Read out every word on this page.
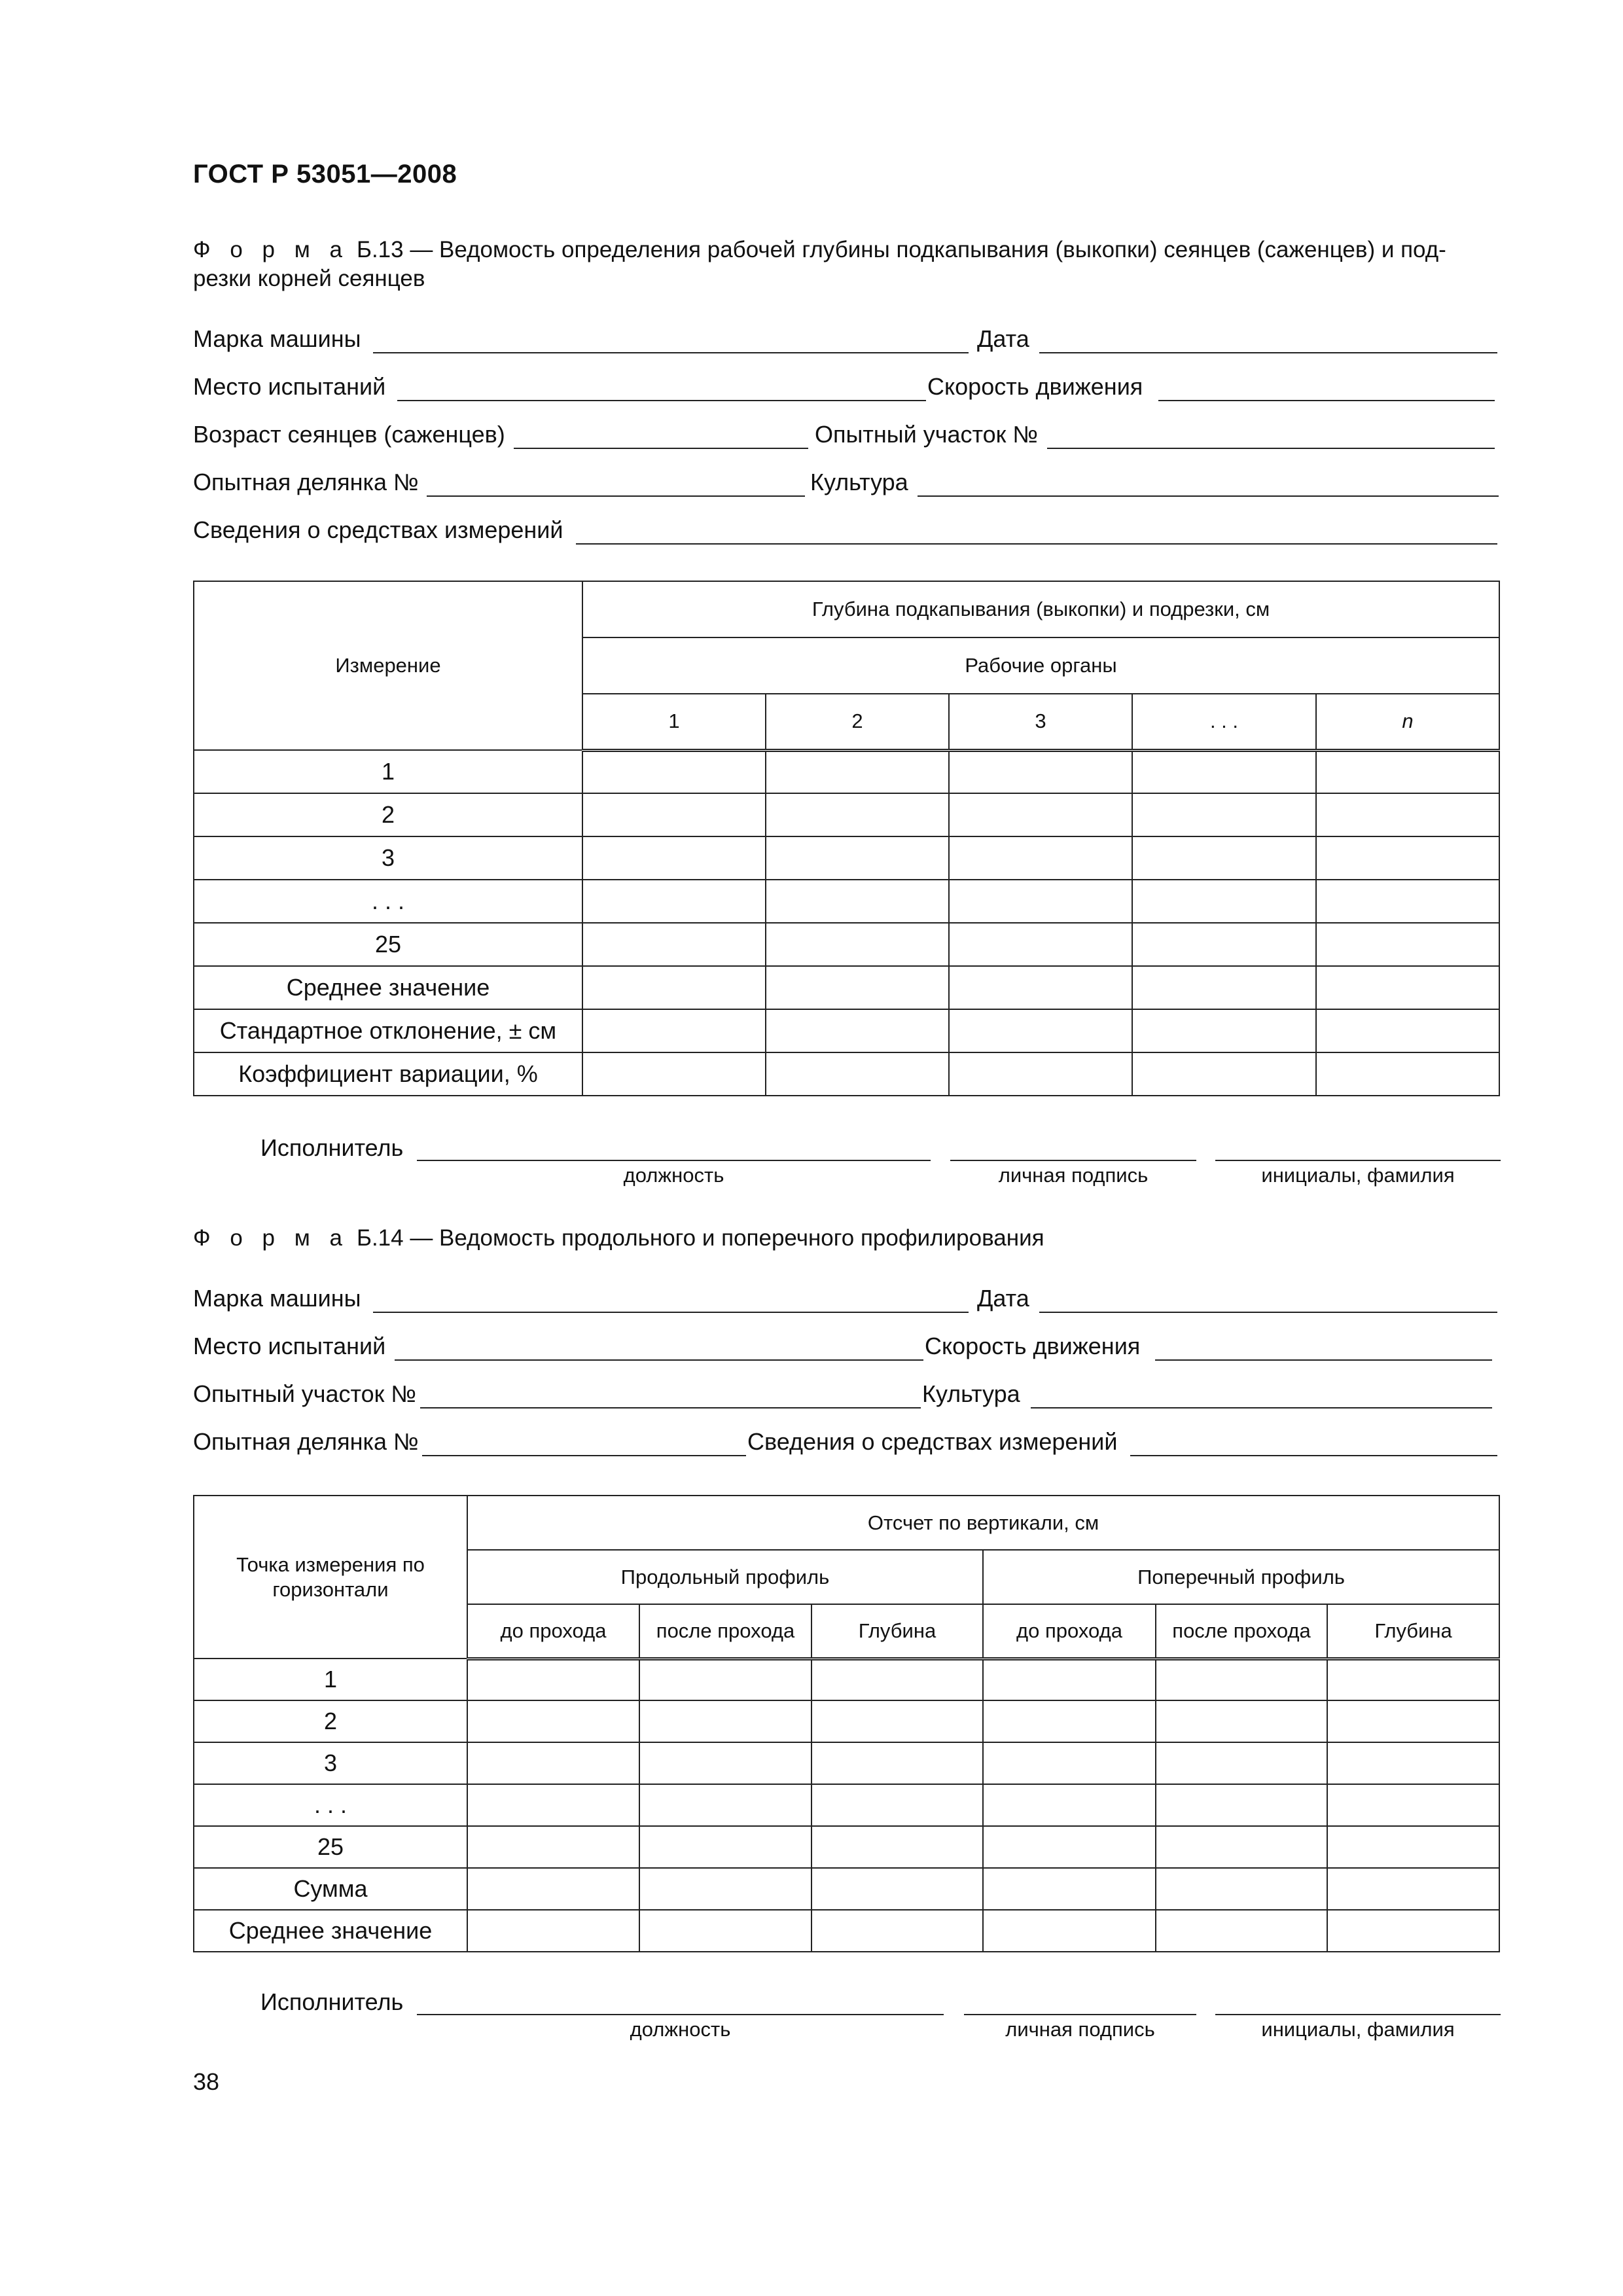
ГОСТ Р 53051—2008
Ф о р м а Б.13 — Ведомость определения рабочей глубины подкапывания (выкопки) сеянцев (саженцев) и под- резки корней сеянцев
Марка машины	Дата
Место испытаний	Скорость движения
Возраст сеянцев (саженцев)	Опытный участок №
Опытная делянка №	Культура
Сведения о средствах измерений
Измерение	Глубина подкапывания (выкопки) и подрезки, см				
	Рабочие органы				
	1	2	3	. . .	n
1					
2					
3					
. . .					
25					
Среднее значение					
Стандартное отклонение, ± см					
Коэффициент вариации, %					
Исполнитель
должность	личная подпись	инициалы, фамилия
Ф о р м а Б.14 — Ведомость продольного и поперечного профилирования
Марка машины	Дата
Место испытаний	Скорость движения
Опытный участок №	Культура
Опытная делянка №	Сведения о средствах измерений
Точка измерения по горизонтали	Отсчет по вертикали, см					
	Продольный профиль			Поперечный профиль		
	до прохода	после прохода	Глубина	до прохода	после прохода	Глубина
1						
2						
3						
. . .						
25						
Сумма						
Среднее значение						
Исполнитель
должность	личная подпись	инициалы, фамилия
38
